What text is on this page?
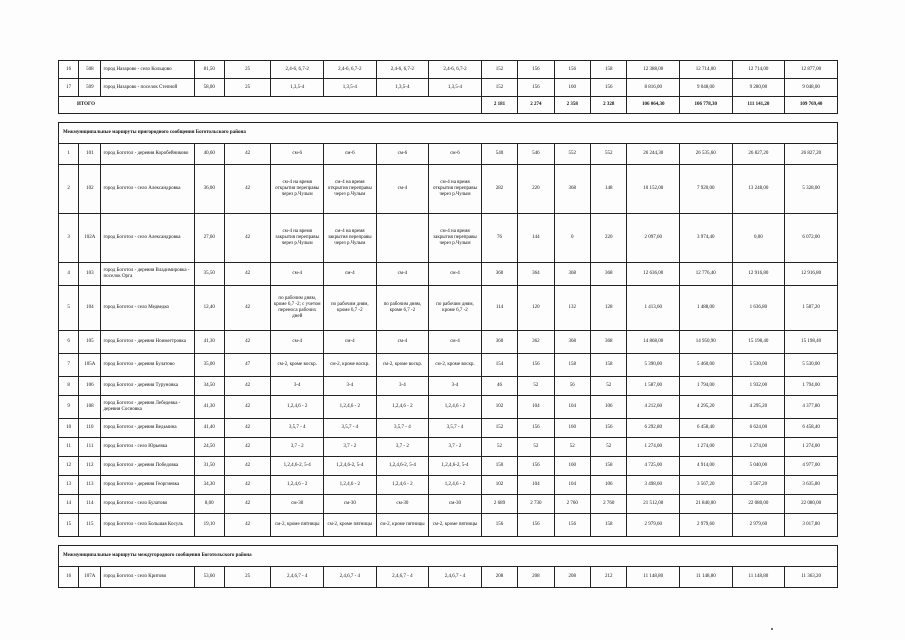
16	508	город Назарово - село Кольцово	81,50	25	2,4-6, 6,7-2	2,4-6, 6,7-2	2,4-6, 6,7-2	2,4-6, 6,7-2	152	156	156	158	12 388,00	12 714,00	12 714,00	12 877,00
17	509	город Назарово - поселок Степной	58,00	25	1,3,5-4	1,3,5-4	1,3,5-4	1,3,5-4	152	156	160	156	8 816,00	9 048,00	9 280,00	9 048,00
ИТОГО									2 181	2 274	2 358	2 328	106 064,30	106 778,30	111 141,20	109 769,40

Межмуниципальные маршруты пригородного сообщения Боготольского района																
1	101	город Боготол - деревня Коробейниково	40,60	42	см-6	см-6	см-6	см-6	540	546	552	552	26 244,30	26 535,60	26 827,20	26 827,20
2	102	город Боготол - село Александровка	36,00	42	см-4 на время открытия переправы через р.Чулым	см-4 на время открытия переправы через р.Чулым	см-4	см-4 на время открытия переправы через р.Чулым	282	220	368	148	10 152,00	7 920,00	13 248,00	5 328,00
3	102А	город Боготол - село Александровка	27,60	42	см-4 на время закрытия переправы через р.Чулым	см-4 на время закрытия переправы через р.Чулым		см-4 на время закрытия переправы через р.Чулым	76	144	0	220	2 097,60	3 974,40	0,00	6 072,00
4	103	город Боготол - деревня Владимировка - поселок Орга	35,50	42	см-4	см-4	см-4	см-4	360	364	368	368	12 636,00	12 776,40	12 916,80	12 916,80
5	104	город Боготол - село Медведко	12,40	42	по рабочим дням, кроме 6,7 -2; с учетом переноса рабочих дней	по рабочим дням, кроме 6,7 -2	по рабочим дням, кроме 6,7 -2	по рабочим дням, кроме 6,7 -2	114	120	132	128	1 413,60	1 488,00	1 636,80	1 587,20
6	105	город Боготол - деревня Ноимегтровка	41,30	42	см-4	см-4	см-4	см-4	360	362	368	368	14 868,00	14 950,90	15 198,40	15 198,40
7	105А	город Боготол - деревня Булатово	35,00	47	см-2, кроме воскр.	см-2, кроме воскр.	см-2, кроме воскр.	см-2, кроме воскр.	154	156	158	158	5 390,00	5 460,00	5 530,00	5 530,00
8	106	город Боготол - деревня Туруновка	34,50	42	3-4	3-4	3-4	3-4	46	52	56	52	1 587,00	1 794,00	1 932,00	1 794,00
9	108	город Боготол - деревня Лебедевка - деревня Сосновка	41,30	42	1,2,4,6 - 2	1,2,4,6 - 2	1,2,4,6 - 2	1,2,4,6 - 2	102	104	104	106	4 212,60	4 295,20	4 295,20	4 377,80
10	110	город Боготол - деревня Ведьмина	41,40	42	3,5,7 - 4	3,5,7 - 4	3,5,7 - 4	3,5,7 - 4	152	156	160	156	6 292,80	6 458,40	6 624,00	6 458,40
11	111	город Боготол - село Юрьевка	24,50	42	3,7 - 2	3,7 - 2	3,7 - 2	3,7 - 2	52	52	52	52	1 274,00	1 274,00	1 274,00	1 274,00
12	112	город Боготол - деревня Победовка	31,50	42	1,2,4,6-2, 5-4	1,2,4,6-2, 5-4	1,2,4,6-2, 5-4	1,2,4,6-2, 5-4	150	156	160	158	4 725,00	4 914,00	5 040,00	4 977,00
13	113	город Боготол - деревня Георгиевка	34,30	42	1,2,4,6 - 2	1,2,4,6 - 2	1,2,4,6 - 2	1,2,4,6 - 2	102	104	104	106	3 498,60	3 567,20	3 567,20	3 635,80
14	114	город Боготол - село Булатово	8,00	42	см-30	см-30	см-30	см-30	2 689	2 730	2 760	2 760	21 512,00	21 840,00	22 080,00	22 080,00
15	115	город Боготол - село Большая Косуль	19,10	42	см-2, кроме пятницы	см-2, кроме пятницы	см-2, кроме пятницы	см-2, кроме пятницы	156	156	156	158	2 979,60	2 979,60	2 979,60	3 017,80

Межмуниципальные маршруты междугородного сообщения Боготольского района																
16	107А	город Боготол - село Критово	53,60	25	2,4,6,7 - 4	2,4,6,7 - 4	2,4,6,7 - 4	2,4,6,7 - 4	208	208	208	212	11 148,80	11 148,80	11 148,80	11 363,20
